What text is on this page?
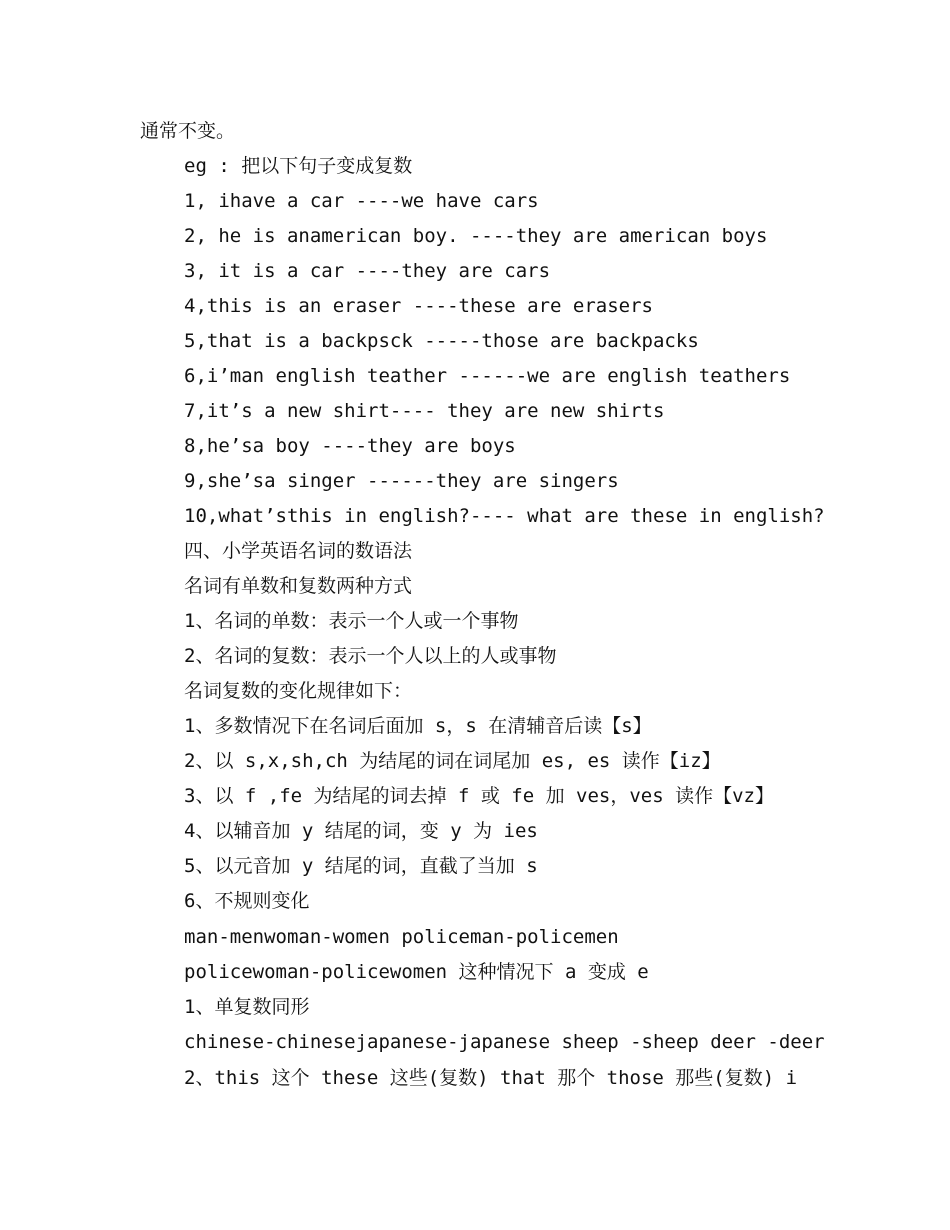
通常不变。
eg : 把以下句子变成复数
1, ihave a car ----we have cars
2, he is anamerican boy. ----they are american boys
3, it is a car ----they are cars
4,this is an eraser ----these are erasers
5,that is a backpsck -----those are backpacks
6,i’man english teather ------we are english teathers
7,it’s a new shirt---- they are new shirts
8,he’sa boy ----they are boys
9,she’sa singer ------they are singers
10,what’sthis in english?---- what are these in english?
四、小学英语名词的数语法
名词有单数和复数两种方式
1、名词的单数：表示一个人或一个事物
2、名词的复数：表示一个人以上的人或事物
名词复数的变化规律如下：
1、多数情况下在名词后面加 s，s 在清辅音后读【s】
2、以 s,x,sh,ch 为结尾的词在词尾加 es, es 读作【iz】
3、以 f ,fe 为结尾的词去掉 f 或 fe 加 ves，ves 读作【vz】
4、以辅音加 y 结尾的词，变 y 为 ies
5、以元音加 y 结尾的词，直截了当加 s
6、不规则变化
man-menwoman-women policeman-policemen
policewoman-policewomen 这种情况下 a 变成 e
1、单复数同形
chinese-chinesejapanese-japanese sheep -sheep deer -deer
2、this 这个 these 这些(复数) that 那个 those 那些(复数) i
